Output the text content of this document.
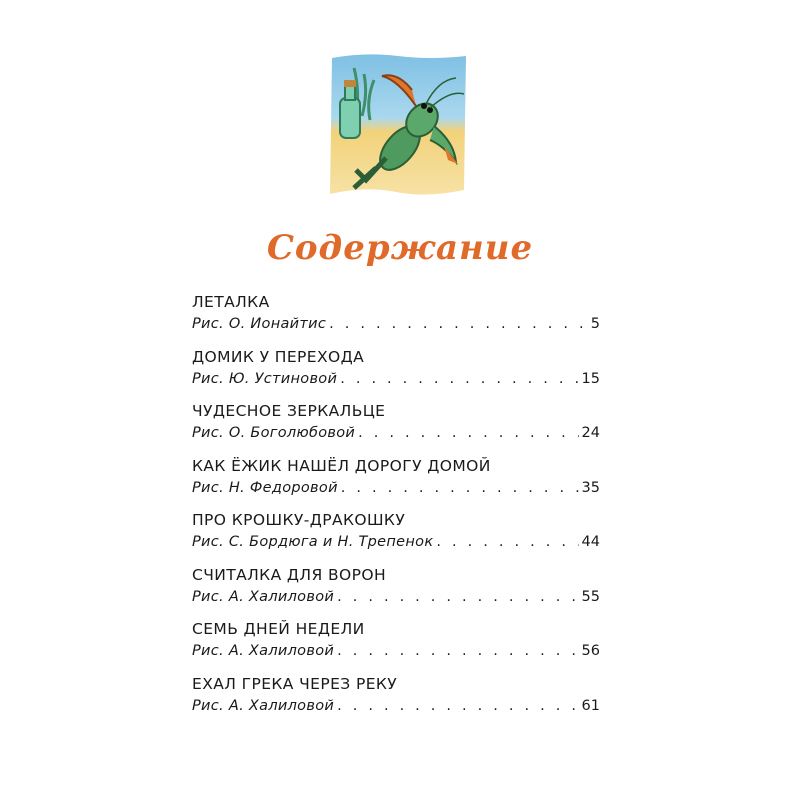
Содержание
ЛЕТАЛКА
Рис. О. Ионайтис . . .	5
ДОМИК У ПЕРЕХОДА
Рис. Ю. Устиновой . . .	15
ЧУДЕСНОЕ ЗЕРКАЛЬЦЕ
Рис. О. Боголюбовой . . .	24
КАК ЁЖИК НАШЁЛ ДОРОГУ ДОМОЙ
Рис. Н. Федоровой . . .	35
ПРО КРОШКУ-ДРАКОШКУ
Рис. С. Бордюга и Н. Трепенок . . .	44
СЧИТАЛКА ДЛЯ ВОРОН
Рис. А. Халиловой . . .	55
СЕМЬ ДНЕЙ НЕДЕЛИ
Рис. А. Халиловой . . .	56
ЕХАЛ ГРЕКА ЧЕРЕЗ РЕКУ
Рис. А. Халиловой . . .	61
